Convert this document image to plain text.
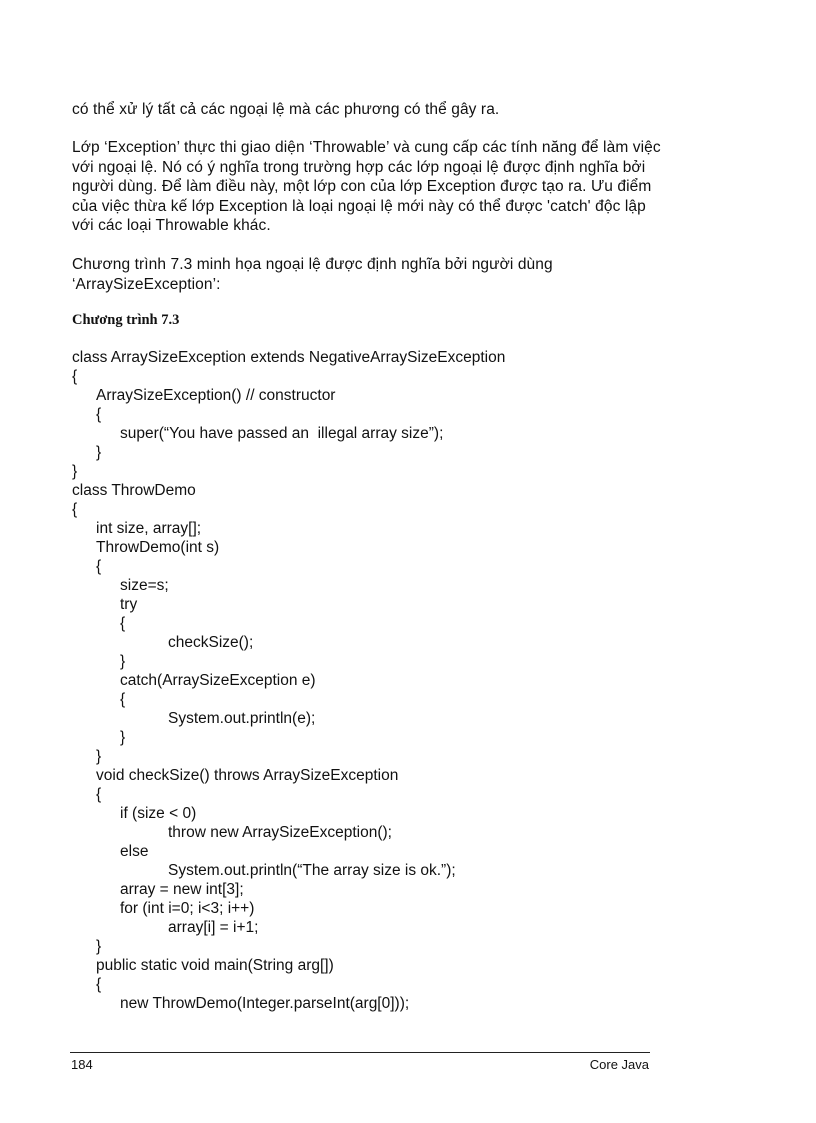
có thể xử lý tất cả các ngoại lệ mà các phương có thể gây ra.

Lớp ‘Exception’ thực thi giao diện ‘Throwable’ và cung cấp các tính năng để làm việc với ngoại lệ. Nó có ý nghĩa trong trường hợp các lớp ngoại lệ được định nghĩa bởi người dùng. Để làm điều này, một lớp con của lớp Exception được tạo ra. Ưu điểm của việc thừa kế lớp Exception là loại ngoại lệ mới này có thể được 'catch' độc lập với các loại Throwable khác.

Chương trình 7.3 minh họa ngoại lệ được định nghĩa bởi người dùng ‘ArraySizeException’:

Chương trình 7.3

class ArraySizeException extends NegativeArraySizeException
{
ArraySizeException() // constructor
{
super(“You have passed an  illegal array size”);
}
}
class ThrowDemo
{
int size, array[];
ThrowDemo(int s)
{
size=s;
try
{
checkSize();
}
catch(ArraySizeException e)
{
System.out.println(e);
}
}
void checkSize() throws ArraySizeException
{
if (size < 0)
throw new ArraySizeException();
else
System.out.println(“The array size is ok.”);
array = new int[3];
for (int i=0; i<3; i++)
array[i] = i+1;
}
public static void main(String arg[])
{
new ThrowDemo(Integer.parseInt(arg[0]));
184	Core Java
